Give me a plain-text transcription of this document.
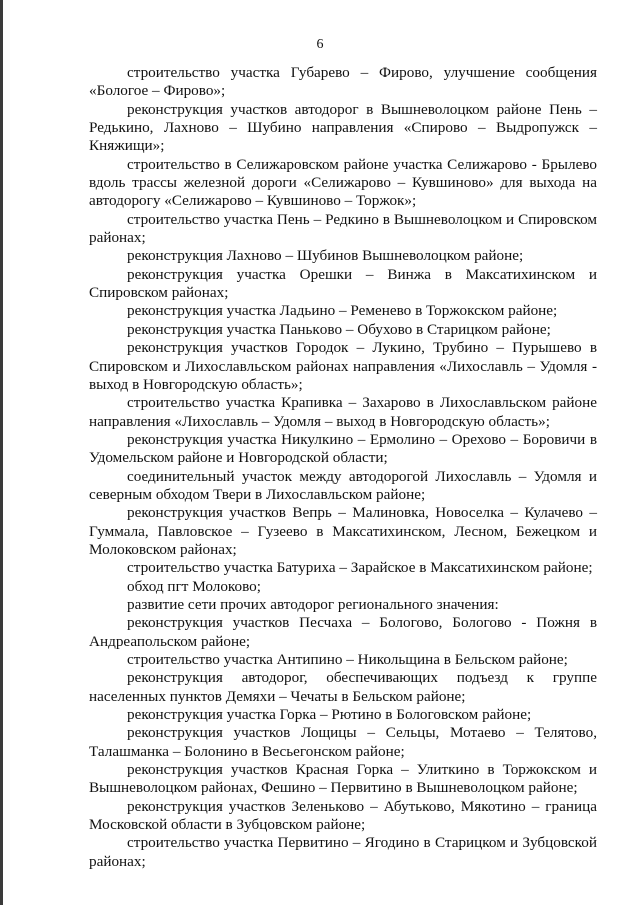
6

строительство участка Губарево – Фирово, улучшение сообщения «Бологое – Фирово»;

реконструкция участков автодорог в Вышневолоцком районе Пень – Редькино, Лахново – Шубино направления «Спирово – Выдропужск – Княжищи»;

строительство в Селижаровском районе участка Селижарово - Брылево вдоль трассы железной дороги «Селижарово – Кувшиново» для выхода на автодорогу «Селижарово – Кувшиново – Торжок»;

строительство участка Пень – Редкино в Вышневолоцком и Спировском районах;

реконструкция Лахново – Шубинов Вышневолоцком районе;

реконструкция участка Орешки – Винжа в Максатихинском и Спировском районах;

реконструкция участка Ладьино – Ременево в Торжокском районе;

реконструкция участка Панькoво – Обухово в Старицком районе;

реконструкция участков Городок – Лукино, Трубино – Пурышево в Спировском и Лихославльском районах направления «Лихославль – Удомля - выход в Новгородскую область»;

строительство участка Крапивка – Захарово в Лихославльском районе направления «Лихославль – Удомля – выход в Новгородскую область»;

реконструкция участка Никулкино – Ермолино – Орехово – Боровичи в Удомельском районе и Новгородской области;

соединительный участок между автодорогой Лихославль – Удомля и северным обходом Твери в Лихославльском районе;

реконструкция участков Вепрь – Малиновка, Новоселка – Кулачево – Гуммала, Павловское – Гузеево в Максатихинском, Лесном, Бежецком и Молоковском районах;

строительство участка Батуриха – Зарайское в Максатихинском районе;

обход пгт Молоково;

развитие сети прочих автодорог регионального значения:

реконструкция участков Песчаха – Бологово, Бологово - Пожня в Андреапольском районе;

строительство участка Антипино – Никольщина в Бельском районе;

реконструкция автодорог, обеспечивающих подъезд к группе населенных пунктов Демяхи – Чечаты в Бельском районе;

реконструкция участка Горка – Рютино в Бологовском районе;

реконструкция участков Лощицы – Сельцы, Мотаево – Телятово, Талашманка – Болонино в Весьегонском районе;

реконструкция участков Красная Горка – Улиткино в Торжокском и Вышневолоцком районах, Фешино – Первитино в Вышневолоцком районе;

реконструкция участков Зеленьково – Абутьково, Мякотино – граница Московской области в Зубцовском районе;

строительство участка Первитино – Ягодино в Старицком и Зубцовской районах;
